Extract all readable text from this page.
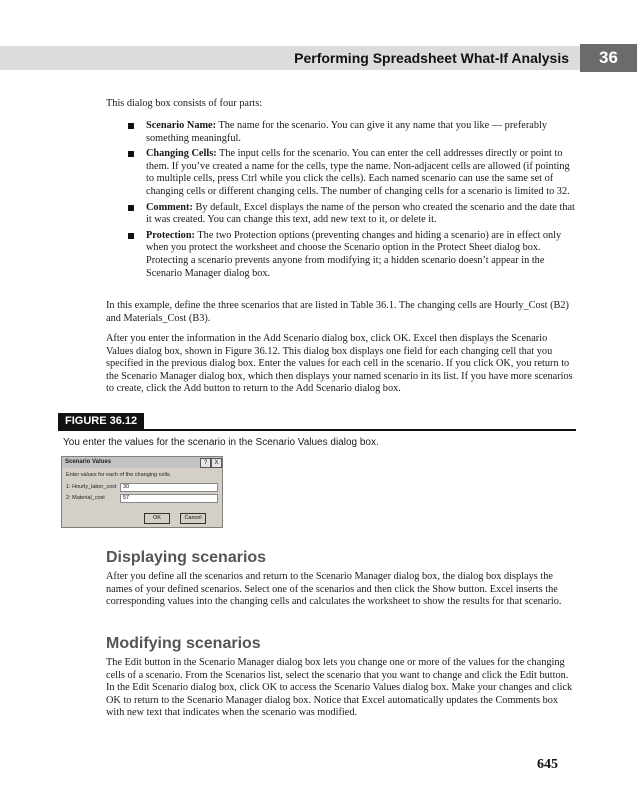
Performing Spreadsheet What-If Analysis	36

This dialog box consists of four parts:

Scenario Name: The name for the scenario. You can give it any name that you like — preferably something meaningful.
Changing Cells: The input cells for the scenario. You can enter the cell addresses directly or point to them. If you’ve created a name for the cells, type the name. Non-adjacent cells are allowed (if pointing to multiple cells, press Ctrl while you click the cells). Each named scenario can use the same set of changing cells or different changing cells. The number of changing cells for a scenario is limited to 32.
Comment: By default, Excel displays the name of the person who created the scenario and the date that it was created. You can change this text, add new text to it, or delete it.
Protection: The two Protection options (preventing changes and hiding a scenario) are in effect only when you protect the worksheet and choose the Scenario option in the Protect Sheet dialog box. Protecting a scenario prevents anyone from modifying it; a hidden scenario doesn’t appear in the Scenario Manager dialog box.

In this example, define the three scenarios that are listed in Table 36.1. The changing cells are Hourly_Cost (B2) and Materials_Cost (B3).

After you enter the information in the Add Scenario dialog box, click OK. Excel then displays the Scenario Values dialog box, shown in Figure 36.12. This dialog box displays one field for each changing cell that you specified in the previous dialog box. Enter the values for each cell in the scenario. If you click OK, you return to the Scenario Manager dialog box, which then displays your named scenario in its list. If you have more scenarios to create, click the Add button to return to the Add Scenario dialog box.

FIGURE 36.12
You enter the values for the scenario in the Scenario Values dialog box.
Scenario Values	?	X
Enter values for each of the changing cells.
1: Hourly_labor_cost	30
2: Material_cost	57
OK	Cancel
Displaying scenarios

After you define all the scenarios and return to the Scenario Manager dialog box, the dialog box displays the names of your defined scenarios. Select one of the scenarios and then click the Show button. Excel inserts the corresponding values into the changing cells and calculates the worksheet to show the results for that scenario.

Modifying scenarios

The Edit button in the Scenario Manager dialog box lets you change one or more of the values for the changing cells of a scenario. From the Scenarios list, select the scenario that you want to change and click the Edit button. In the Edit Scenario dialog box, click OK to access the Scenario Values dialog box. Make your changes and click OK to return to the Scenario Manager dialog box. Notice that Excel automatically updates the Comments box with new text that indicates when the scenario was modified.

645
